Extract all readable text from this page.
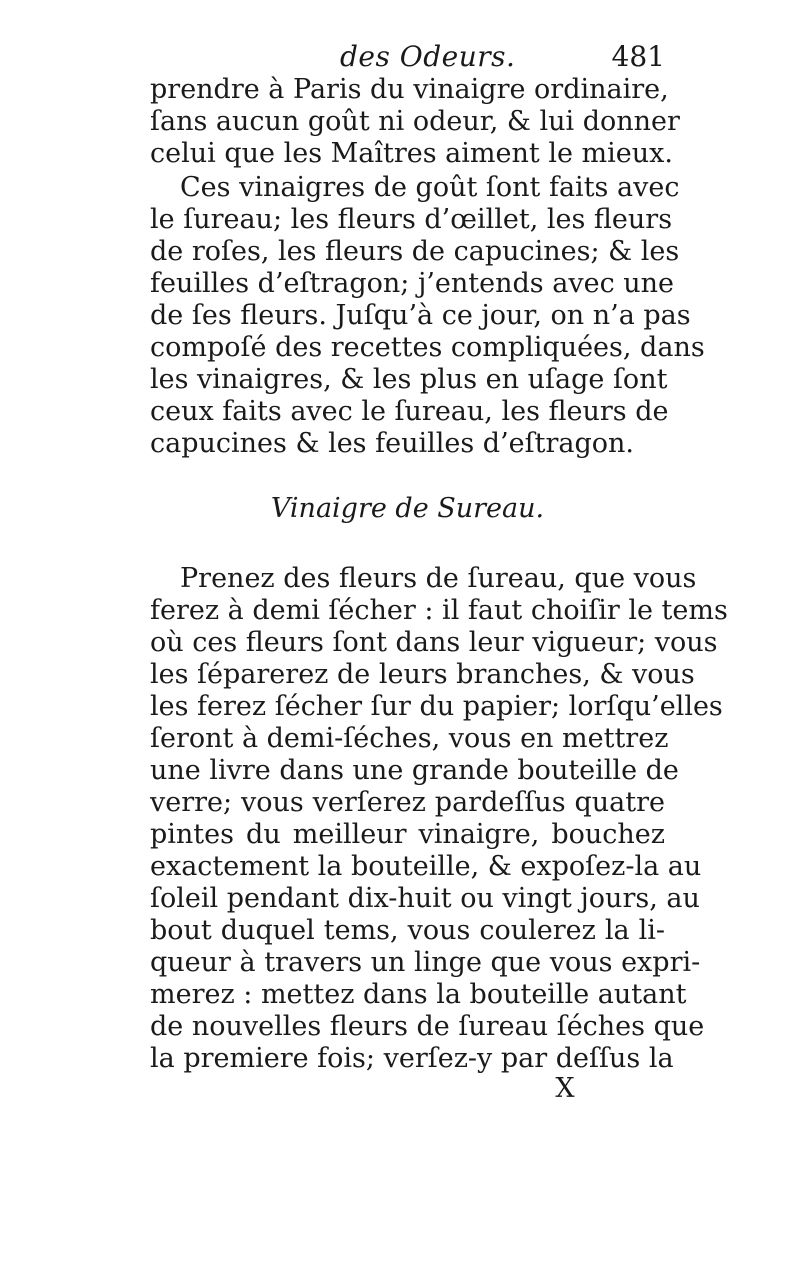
des Odeurs.	481
prendre à Paris du vinaigre ordinaire,
ſans aucun goût ni odeur, & lui donner
celui que les Maîtres aiment le mieux.
Ces vinaigres de goût ſont faits avec
le ſureau; les fleurs d’œillet, les fleurs
de roſes, les fleurs de capucines; & les
feuilles d’eſtragon; j’entends avec une
de ſes fleurs. Juſqu’à ce jour, on n’a pas
compoſé des recettes compliquées, dans
les vinaigres, & les plus en uſage ſont
ceux faits avec le ſureau, les fleurs de
capucines & les feuilles d’eſtragon.
Vinaigre de Sureau.
Prenez des fleurs de ſureau, que vous
ferez à demi ſécher : il faut choiſir le tems
où ces fleurs ſont dans leur vigueur; vous
les ſéparerez de leurs branches, & vous
les ferez ſécher ſur du papier; lorſqu’elles
ſeront à demi-ſéches, vous en mettrez
une livre dans une grande bouteille de
verre; vous verſerez pardeſſus quatre
pintes du meilleur vinaigre, bouchez
exactement la bouteille, & expoſez-la au
ſoleil pendant dix-huit ou vingt jours, au
bout duquel tems, vous coulerez la li-
queur à travers un linge que vous expri-
merez : mettez dans la bouteille autant
de nouvelles fleurs de ſureau ſéches que
la premiere fois; verſez-y par deſſus la
X
